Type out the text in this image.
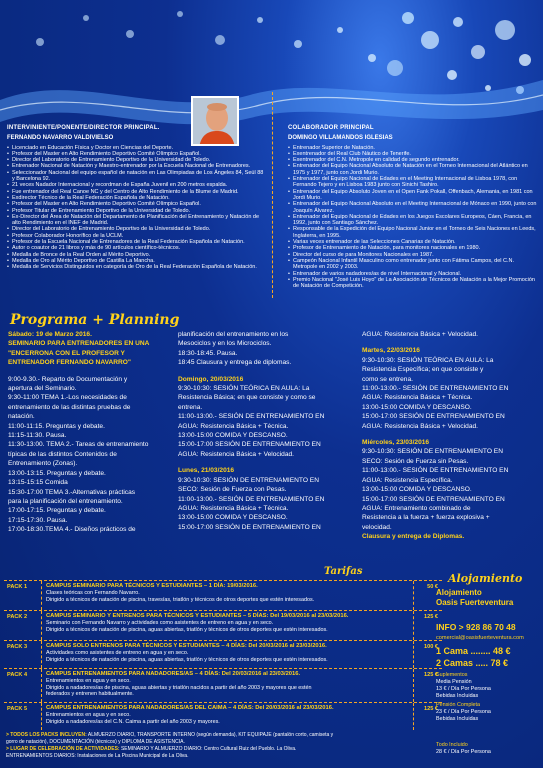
INTERVINIENTE/PONENTE/DIRECTOR PRINCIPAL.
FERNANDO NAVARRO VALDIVIELSO
• Licenciado en Educación Física y Doctor en Ciencias del Deporte.
• Profesor del Master en Alto Rendimiento Deportivo Comité Olímpico Español.
• Director del Laboratorio de Entrenamiento Deportivo de la Universidad de Toledo.
• Entrenador Nacional de Natación y Maestro-entrenador por la Escuela Nacional de Entrenadores.
• Seleccionador Nacional del equipo español de natación en Las Olimpiadas de Los Ángeles 84, Seúl 88 y Barcelona 92.
• 21 veces Nadador Internacional y recordman de España Juvenil en 200 metros espalda.
• Fue entrenador del Real Canoe NC y del Centro de Alto Rendimiento de la Blume de Madrid.
• Exdirector Técnico de la Real Federación Española de Natación.
• Profesor del Master en Alto Rendimiento Deportivo Comité Olímpico Español.
• Profesor Titular de Entrenamiento Deportivo de la Universidad de Toledo.
• Ex-Director del Área de Natación del Departamento de Planificación del Entrenamiento y Natación de alto Rendimiento en el INEF de Madrid.
• Director del Laboratorio de Entrenamiento Deportivo de la Universidad de Toledo.
• Profesor Colaborador Honorífico de la UCLM.
• Profesor de la Escuela Nacional de Entrenadores de la Real Federación Española de Natación.
• Autor o coautor de 21 libros y más de 90 artículos científico-técnicos.
• Medalla de Bronce de la Real Orden al Mérito Deportivo.
• Medalla de Oro al Mérito Deportivo de Castilla La Mancha.
• Medalla de Servicios Distinguidos en categoría de Oro de la Real Federación Española de Natación.
COLABORADOR PRINCIPAL
DOMINGO VILLAMANDOS IGLESIAS
• Entrenador Superior de Natación.
• Exentrenador del Real Club Náutico de Tenerife.
• Exentrenador del C.N. Metropole en calidad de segundo entrenador.
• Entrenador del Equipo Nacional Absoluto de Natación en el Torneo Internacional del Atlántico en 1975 y 1977, junto con Jordi Murio.
• Entrenador del Equipo Nacional de Edades en el Meeting Internacional de Lisboa 1978, con Fernando Tejero y en Lisboa 1983 junto con Sinichi Tashiro.
• Entrenador del Equipo Absoluto Joven en el Open Fank Pokall, Offenbach, Alemania, en 1981 con Jordi Murio.
• Entrenador del Equipo Nacional Absoluto en el Meeting Internacional de Mónaco en 1990, junto con Joaquín Álvarez.
• Entrenador del Equipo Nacional de Edades en los Juegos Escolares Europeos, Cáen, Francia, en 1992, junto con Santiago Sánchez.
• Responsable de la Expedición del Equipo Nacional Junior en el Torneo de Seis Naciones en Leeds, Inglaterra, en 1995.
• Varias veces entrenador de las Selecciones Canarias de Natación.
• Profesor de Entrenamiento de Natación, para monitores nacionales en 1980.
• Director del curso de para Monitores Nacionales en 1987.
• Campeón Nacional Infantil Masculino como entrenador junto con Fátima Campos, del C.N. Metropole en 2002 y 2003.
• Entrenador de varios nadadores/as de nivel Internacional y Nacional.
• Premio Nacional "José Luis Hoyo" de La Asociación de Técnicos de Natación a la Mejor Promoción de Natación de Competición.
Programa + Planning
Sábado: 19 de Marzo 2016.
SEMINARIO PARA ENTRENADORES EN UNA
"ENCERRONA CON EL PROFESOR Y
ENTRENADOR FERNANDO NAVARRO"
9:00-9.30.- Reparto de Documentación y
apertura del Seminario.
9:30-11:00 TEMA 1.-Los necesidades de
entrenamiento de las distintas pruebas de
natación.
11:00-11:15. Preguntas y debate.
11:15-11:30. Pausa.
11:30-13:00. TEMA 2.- Tareas de entrenamiento
típicas de las distintos Contenidos de
Entrenamiento (Zonas).
13:00-13:15. Preguntas y debate.
13:15-15:15 Comida
15:30-17:00 TEMA 3.-Alternativas prácticas
para la planificación del entrenamiento.
17:00-17:15. Preguntas y debate.
17:15-17:30. Pausa.
17:00-18:30.TEMA 4.- Diseños prácticos de
planificación del entrenamiento en los
Mesociclos y en los Microciclos.
18:30-18:45. Pausa.
18:45 Clausura y entrega de diplomas.
Domingo, 20/03/2016
9:30-10:30: SESIÓN TEÓRICA EN AULA: La
Resistencia Básica; en que consiste y como se
entrena.
11:00-13:00.- SESIÓN DE ENTRENAMIENTO EN
AGUA: Resistencia Básica + Técnica.
13:00-15:00 COMIDA Y DESCANSO.
15:00-17:00 SESIÓN DE ENTRENAMIENTO EN
AGUA: Resistencia Básica + Velocidad.
Lunes, 21/03/2016
9:30-10:30: SESIÓN DE ENTRENAMIENTO EN
SECO: Sesión de Fuerza con Pesas.
11:00-13:00.- SESIÓN DE ENTRENAMIENTO EN
AGUA: Resistencia Básica + Técnica.
13:00-15:00 COMIDA Y DESCANSO.
15:00-17:00 SESIÓN DE ENTRENAMIENTO EN
AGUA: Resistencia Básica + Velocidad.
Martes, 22/03/2016
9:30-10:30: SESIÓN TEÓRICA EN AULA: La
Resistencia Específica; en que consiste y
como se entrena.
11:00-13:00.- SESIÓN DE ENTRENAMIENTO EN
AGUA: Resistencia Básica + Técnica.
13:00-15:00 COMIDA Y DESCANSO.
15:00-17:00 SESIÓN DE ENTRENAMIENTO EN
AGUA: Resistencia Básica + Velocidad.
Miércoles, 23/03/2016
9:30-10:30: SESIÓN DE ENTRENAMIENTO EN
SECO: Sesión de Fuerza sin Pesas.
11:00-13:00.- SESIÓN DE ENTRENAMIENTO EN
AGUA: Resistencia Específica.
13:00-15:00 COMIDA Y DESCANSO.
15:00-17:00 SESIÓN DE ENTRENAMIENTO EN
AGUA: Entrenamiento combinado de
Resistencia a la fuerza + fuerza explosiva +
velocidad.
Clausura y entrega de Diplomas.
Tarifas
PACK 1	CAMPUS SEMINARIO PARA TÉCNICOS Y ESTUDIANTES – 1 DÍA: 19/03/2016.
Clases teóricas con Fernando Navarro.
Dirigido a técnicos de natación de piscina, travesías, triatlón y técnicos de otros deportes que estén interesados.
50 €
PACK 2	CAMPUS SEMINARIO Y ENTRENOS PARA TÉCNICOS Y ESTUDIANTES – 5 DÍAS: Del 19/03/2016 al 23/03/2016.
Seminario con Fernando Navarro y actividades como asistentes de entreno en agua y en seco.
Dirigido a técnicos de natación de piscina, aguas abiertas, triatlón y técnicos de otros deportes que estén interesados.
125 €
PACK 3	CAMPUS SOLO ENTRENOS PARA TÉCNICOS Y ESTUDIANTES – 4 DÍAS: Del 20/03/2016 al 23/03/2016.
Actividades como asistentes de entreno en agua y en seco.
Dirigido a técnicos de natación de piscina, aguas abiertas, triatlón y técnicos de otros deportes que estén interesados.
100 €
PACK 4	CAMPUS ENTRENAMIENTOS PARA NADADORES/AS – 4 DÍAS: Del 20/03/2016 al 23/03/2016.
Entrenamientos en agua y en seco.
Dirigido a nadadores/as de piscina, aguas abiertas y triatlón nacidos a partir del año 2003 y mayores que estén
federados y entrenen habitualmente.
125 €
PACK 5	CAMPUS ENTRENAMIENTOS PARA NADADORES/AS DEL CAIMA – 4 DÍAS: Del 20/03/2016 al 23/03/2016.
Entrenamientos en agua y en seco.
Dirigido a nadadores/as del C.N. Caima a partir del año 2003 y mayores.
125 €
Alojamiento
Alojamiento
Oasis Fuerteventura
INFO > 928 86 70 48
comercial@oasisfuerteventura.com
1 Cama ........ 48 €
2 Camas ..... 78 €
Suplementos
Media Pensión
13 € / Día Por Persona
Bebidas Incluidas
Pensión Completa
23 € / Día Por Persona
Bebidas Incluidas
Todo Incluido
28 € / Día Por Persona
> TODOS LOS PACKS INCLUYEN: ALMUERZO DIARIO, TRANSPORTE INTERNO (según demanda), KIT EQUIPAJE (pantalón corto, camiseta y
gorro de natación), DOCUMENTACIÓN (técnicos) y DIPLOMA DE ASISTENCIA.
> LUGAR DE CELEBRACIÓN DE ACTIVIDADES: SEMINARIO Y ALMUERZO DIARIO: Centro Cultural Ruiz del Pueblo. La Oliva.
ENTRENAMIENTOS DIARIOS: Instalaciones de La Piscina Municipal de La Oliva.
